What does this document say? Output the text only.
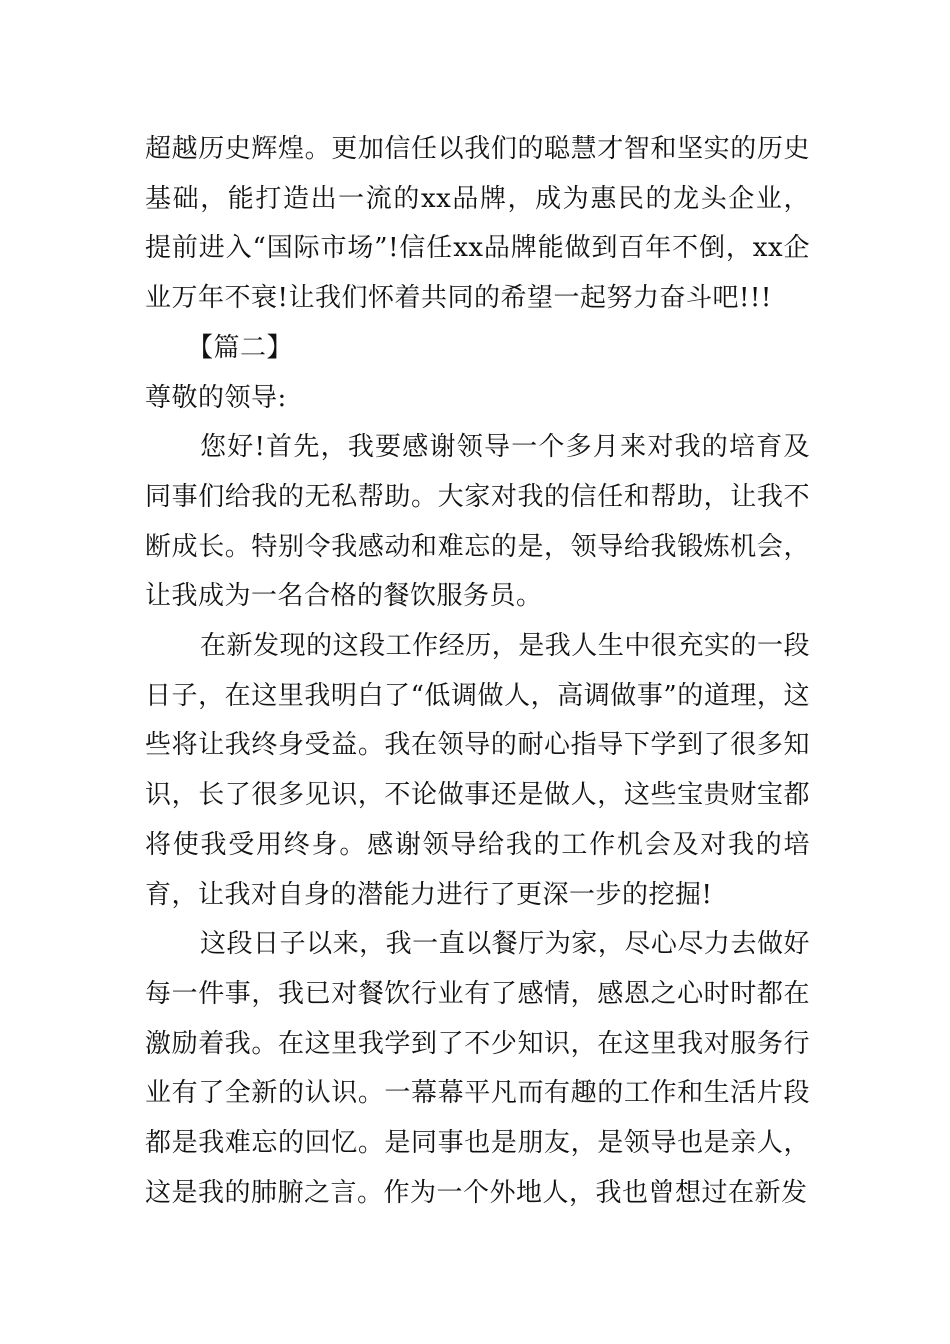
超越历史辉煌。更加信任以我们的聪慧才智和坚实的历史基础，能打造出一流的xx品牌，成为惠民的龙头企业，提前进入“国际市场”!信任xx品牌能做到百年不倒，xx企业万年不衰!让我们怀着共同的希望一起努力奋斗吧!!!

【篇二】

尊敬的领导:

您好!首先，我要感谢领导一个多月来对我的培育及同事们给我的无私帮助。大家对我的信任和帮助，让我不断成长。特别令我感动和难忘的是，领导给我锻炼机会，让我成为一名合格的餐饮服务员。

在新发现的这段工作经历，是我人生中很充实的一段日子，在这里我明白了“低调做人，高调做事”的道理，这些将让我终身受益。我在领导的耐心指导下学到了很多知识，长了很多见识，不论做事还是做人，这些宝贵财宝都将使我受用终身。感谢领导给我的工作机会及对我的培育，让我对自身的潜能力进行了更深一步的挖掘!

这段日子以来，我一直以餐厅为家，尽心尽力去做好每一件事，我已对餐饮行业有了感情，感恩之心时时都在激励着我。在这里我学到了不少知识，在这里我对服务行业有了全新的认识。一幕幕平凡而有趣的工作和生活片段都是我难忘的回忆。是同事也是朋友，是领导也是亲人，这是我的肺腑之言。作为一个外地人，我也曾想过在新发
